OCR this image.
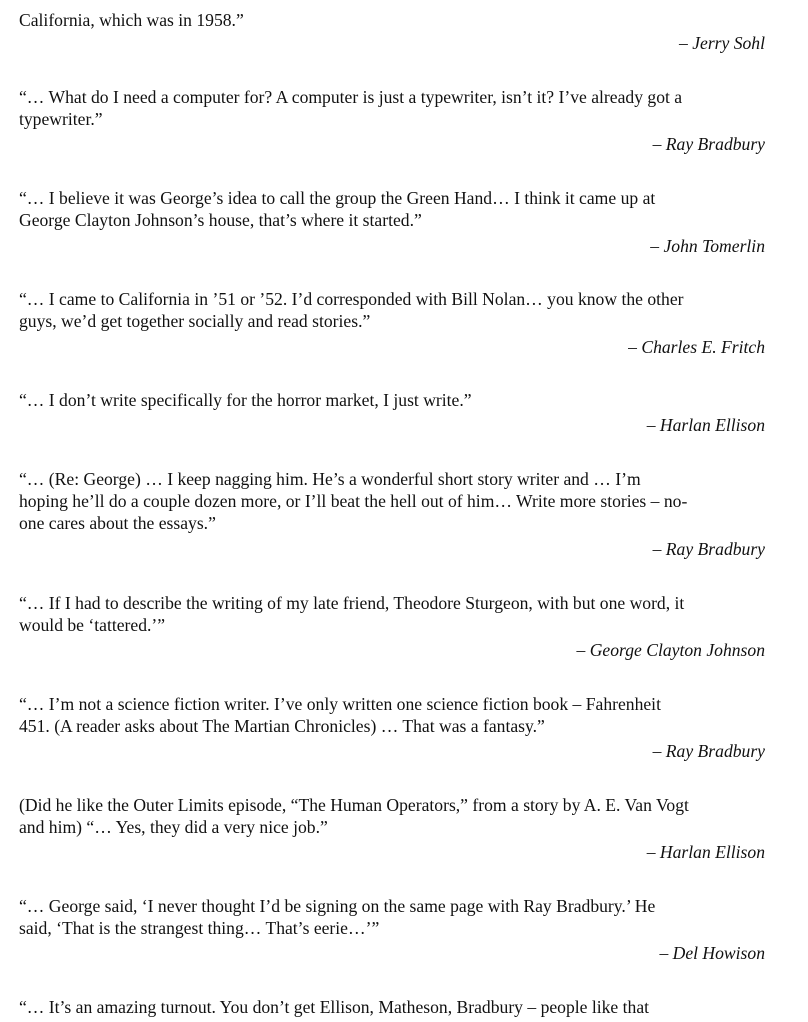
California, which was in 1958.”
– Jerry Sohl
“… What do I need a computer for? A computer is just a typewriter, isn’t it? I’ve already got a
typewriter.”
– Ray Bradbury
“… I believe it was George’s idea to call the group the Green Hand… I think it came up at
George Clayton Johnson’s house, that’s where it started.”
– John Tomerlin
“… I came to California in ’51 or ’52. I’d corresponded with Bill Nolan… you know the other
guys, we’d get together socially and read stories.”
– Charles E. Fritch
“… I don’t write specifically for the horror market, I just write.”
– Harlan Ellison
“… (Re: George) … I keep nagging him. He’s a wonderful short story writer and … I’m
hoping he’ll do a couple dozen more, or I’ll beat the hell out of him… Write more stories – no-
one cares about the essays.”
– Ray Bradbury
“… If I had to describe the writing of my late friend, Theodore Sturgeon, with but one word, it
would be ‘tattered.’”
– George Clayton Johnson
“… I’m not a science fiction writer. I’ve only written one science fiction book – Fahrenheit
451. (A reader asks about The Martian Chronicles) … That was a fantasy.”
– Ray Bradbury
(Did he like the Outer Limits episode, “The Human Operators,” from a story by A. E. Van Vogt
and him) “… Yes, they did a very nice job.”
– Harlan Ellison
“… George said, ‘I never thought I’d be signing on the same page with Ray Bradbury.’ He
said, ‘That is the strangest thing… That’s eerie…’”
– Del Howison
“… It’s an amazing turnout. You don’t get Ellison, Matheson, Bradbury – people like that
